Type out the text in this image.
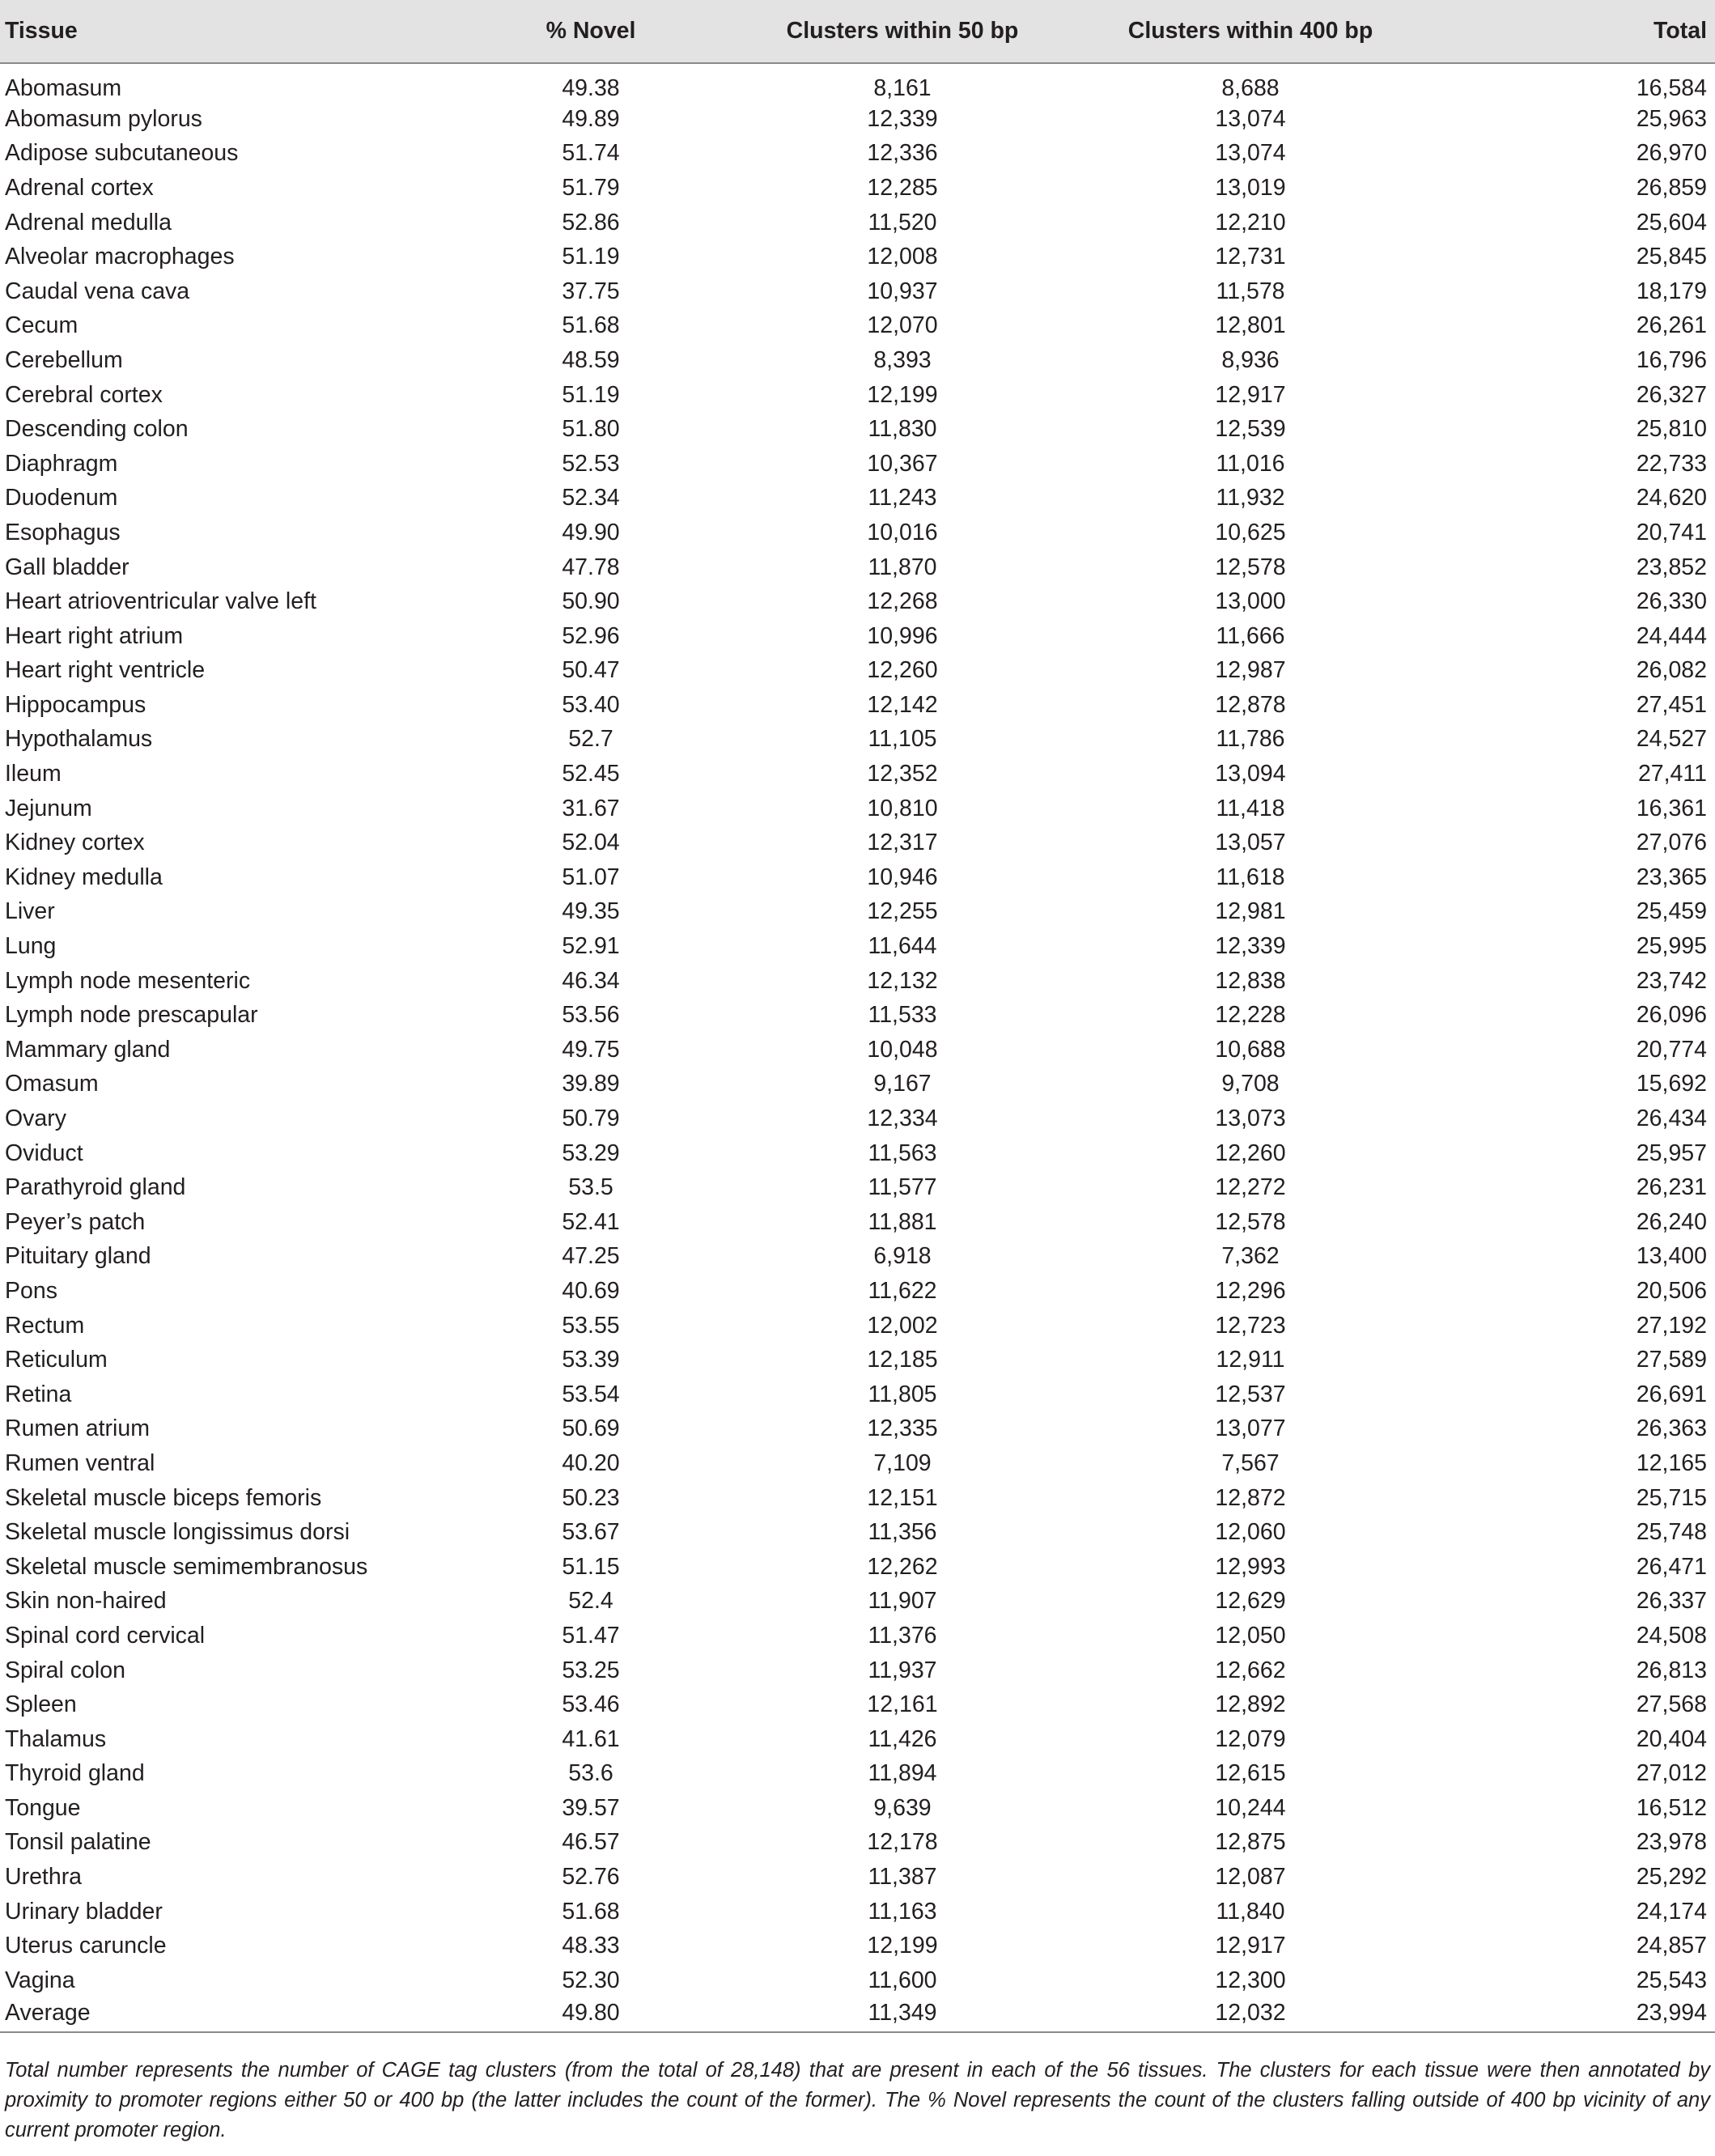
Tissue	% Novel	Clusters within 50 bp	Clusters within 400 bp	Total
Abomasum	49.38	8,161	8,688	16,584
Abomasum pylorus	49.89	12,339	13,074	25,963
Adipose subcutaneous	51.74	12,336	13,074	26,970
Adrenal cortex	51.79	12,285	13,019	26,859
Adrenal medulla	52.86	11,520	12,210	25,604
Alveolar macrophages	51.19	12,008	12,731	25,845
Caudal vena cava	37.75	10,937	11,578	18,179
Cecum	51.68	12,070	12,801	26,261
Cerebellum	48.59	8,393	8,936	16,796
Cerebral cortex	51.19	12,199	12,917	26,327
Descending colon	51.80	11,830	12,539	25,810
Diaphragm	52.53	10,367	11,016	22,733
Duodenum	52.34	11,243	11,932	24,620
Esophagus	49.90	10,016	10,625	20,741
Gall bladder	47.78	11,870	12,578	23,852
Heart atrioventricular valve left	50.90	12,268	13,000	26,330
Heart right atrium	52.96	10,996	11,666	24,444
Heart right ventricle	50.47	12,260	12,987	26,082
Hippocampus	53.40	12,142	12,878	27,451
Hypothalamus	52.7	11,105	11,786	24,527
Ileum	52.45	12,352	13,094	27,411
Jejunum	31.67	10,810	11,418	16,361
Kidney cortex	52.04	12,317	13,057	27,076
Kidney medulla	51.07	10,946	11,618	23,365
Liver	49.35	12,255	12,981	25,459
Lung	52.91	11,644	12,339	25,995
Lymph node mesenteric	46.34	12,132	12,838	23,742
Lymph node prescapular	53.56	11,533	12,228	26,096
Mammary gland	49.75	10,048	10,688	20,774
Omasum	39.89	9,167	9,708	15,692
Ovary	50.79	12,334	13,073	26,434
Oviduct	53.29	11,563	12,260	25,957
Parathyroid gland	53.5	11,577	12,272	26,231
Peyer’s patch	52.41	11,881	12,578	26,240
Pituitary gland	47.25	6,918	7,362	13,400
Pons	40.69	11,622	12,296	20,506
Rectum	53.55	12,002	12,723	27,192
Reticulum	53.39	12,185	12,911	27,589
Retina	53.54	11,805	12,537	26,691
Rumen atrium	50.69	12,335	13,077	26,363
Rumen ventral	40.20	7,109	7,567	12,165
Skeletal muscle biceps femoris	50.23	12,151	12,872	25,715
Skeletal muscle longissimus dorsi	53.67	11,356	12,060	25,748
Skeletal muscle semimembranosus	51.15	12,262	12,993	26,471
Skin non-haired	52.4	11,907	12,629	26,337
Spinal cord cervical	51.47	11,376	12,050	24,508
Spiral colon	53.25	11,937	12,662	26,813
Spleen	53.46	12,161	12,892	27,568
Thalamus	41.61	11,426	12,079	20,404
Thyroid gland	53.6	11,894	12,615	27,012
Tongue	39.57	9,639	10,244	16,512
Tonsil palatine	46.57	12,178	12,875	23,978
Urethra	52.76	11,387	12,087	25,292
Urinary bladder	51.68	11,163	11,840	24,174
Uterus caruncle	48.33	12,199	12,917	24,857
Vagina	52.30	11,600	12,300	25,543
Average	49.80	11,349	12,032	23,994
Total number represents the number of CAGE tag clusters (from the total of 28,148) that are present in each of the 56 tissues. The clusters for each tissue were then annotated by proximity to promoter regions either 50 or 400 bp (the latter includes the count of the former). The % Novel represents the count of the clusters falling outside of 400 bp vicinity of any current promoter region.
